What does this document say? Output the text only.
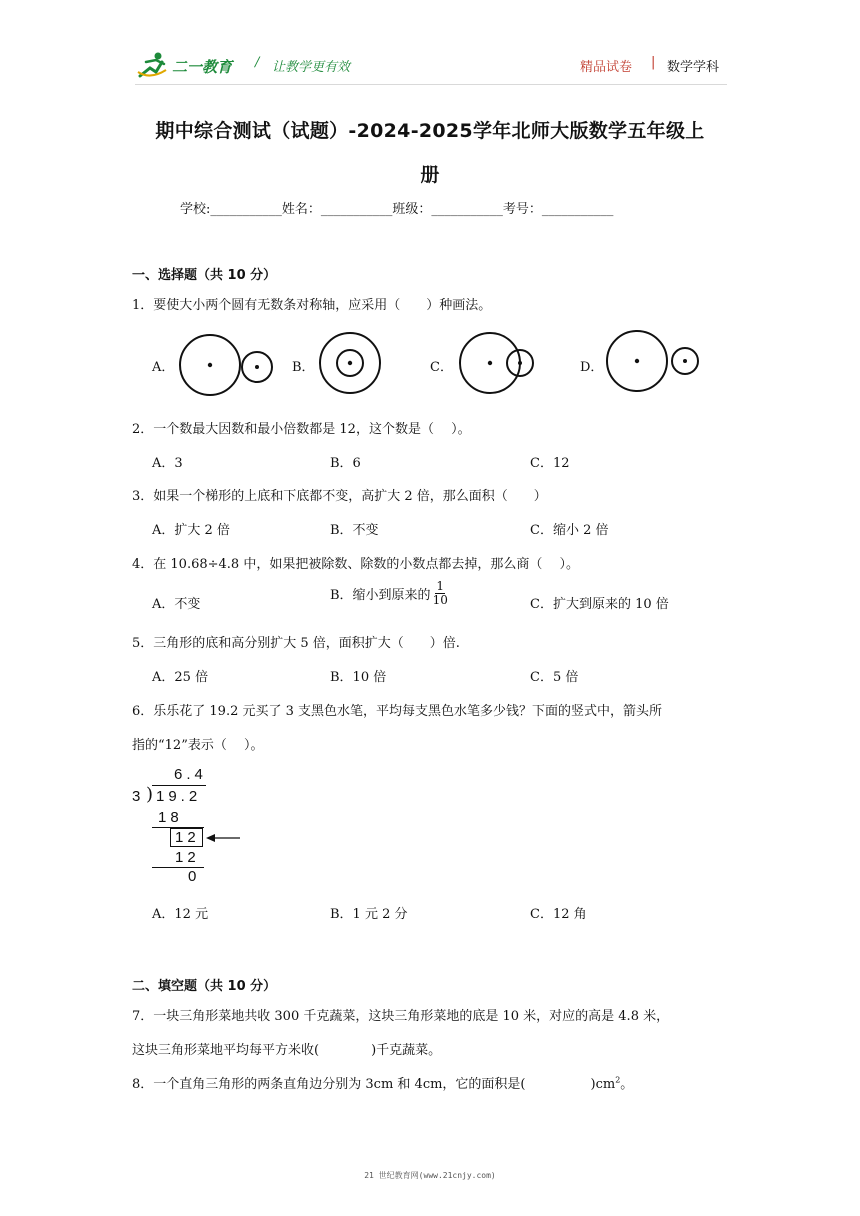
二一教育 / 让教学更有效	精品试卷 | 数学学科
期中综合测试（试题）-2024-2025学年北师大版数学五年级上
册
学校:___________姓名：___________班级：___________考号：___________
一、选择题（共 10 分）
1．要使大小两个圆有无数条对称轴，应采用（　　）种画法。
A．	B．	C．	D．
2．一个数最大因数和最小倍数都是 12，这个数是（　 ）。
A．3	B．6	C．12
3．如果一个梯形的上底和下底都不变，高扩大 2 倍，那么面积（　　）
A．扩大 2 倍	B．不变	C．缩小 2 倍
4．在 10.68÷4.8 中，如果把被除数、除数的小数点都去掉，那么商（　 ）。
A．不变
B．缩小到原来的 $\frac{1}{10}$	C．扩大到原来的 10 倍
5．三角形的底和高分别扩大 5 倍，面积扩大（　　）倍.
A．25 倍	B．10 倍	C．5 倍
6．乐乐花了 19.2 元买了 3 支黑色水笔，平均每支黑色水笔多少钱？下面的竖式中，箭头所
指的“12”表示（　 ）。
6.4
3 ) 19.2
18
12
12
0
A．12 元	B．1 元 2 分	C．12 角
二、填空题（共 10 分）
7．一块三角形菜地共收 300 千克蔬菜，这块三角形菜地的底是 10 米，对应的高是 4.8 米，
这块三角形菜地平均每平方米收(　　　　)千克蔬菜。
8．一个直角三角形的两条直角边分别为 3cm 和 4cm，它的面积是(　　　　　)$cm^2$。
21 世纪教育网(www.21cnjy.com)
